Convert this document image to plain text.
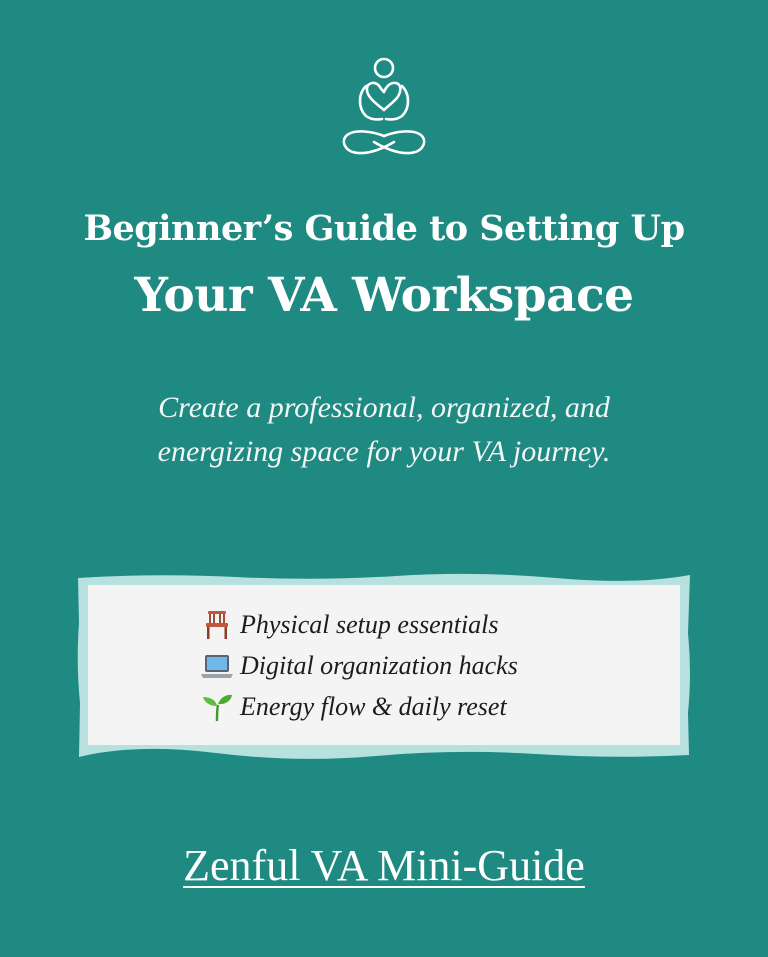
Beginner’s Guide to Setting Up
Your VA Workspace
Create a professional, organized, and
energizing space for your VA journey.
Physical setup essentials
Digital organization hacks
Energy flow & daily reset
Zenful VA Mini-Guide
